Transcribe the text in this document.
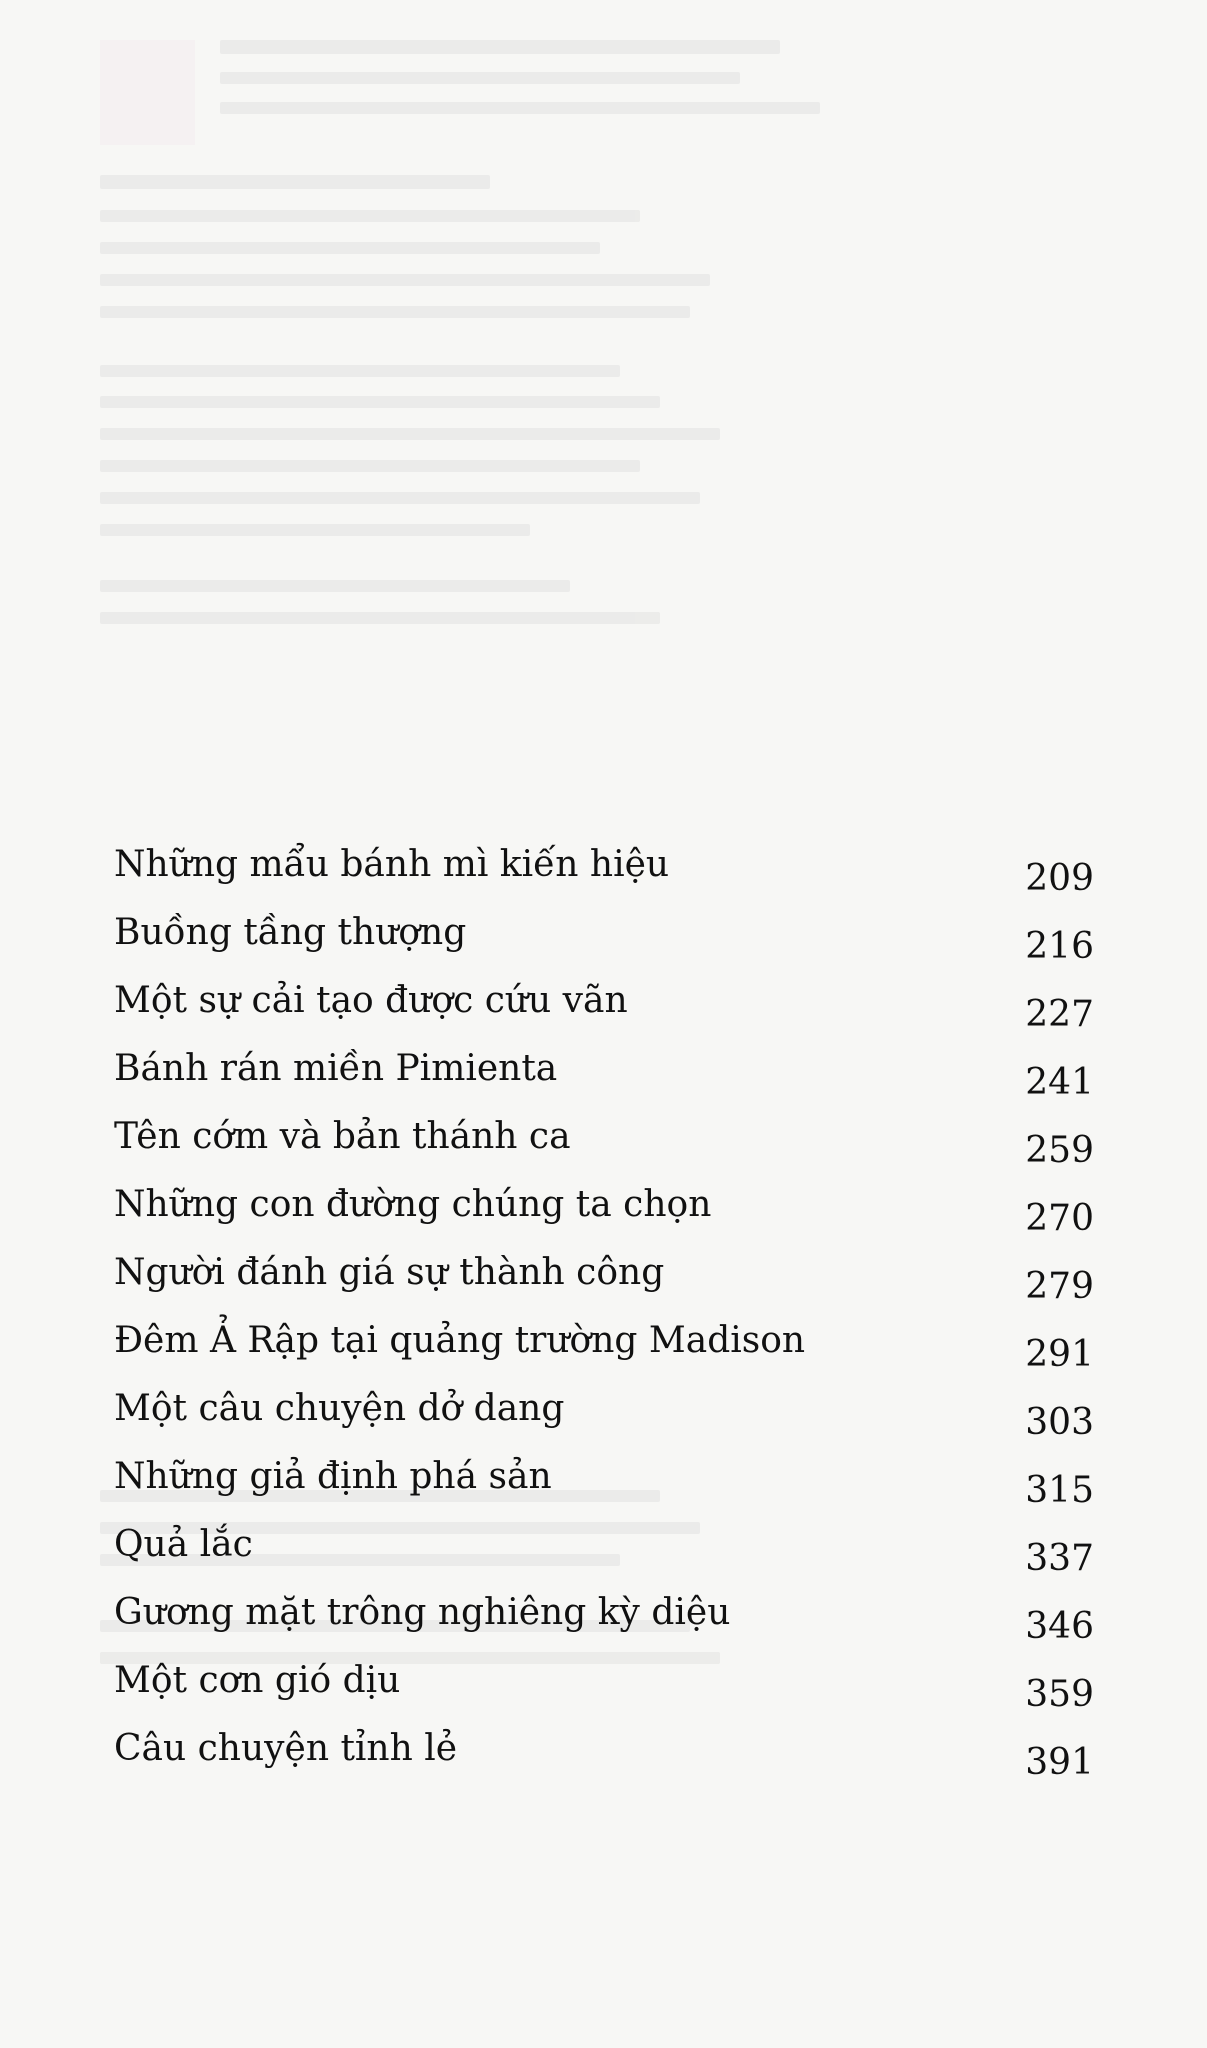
Những mẩu bánh mì kiến hiệu	209
Buồng tầng thượng	216
Một sự cải tạo được cứu vãn	227
Bánh rán miền Pimienta	241
Tên cớm và bản thánh ca	259
Những con đường chúng ta chọn	270
Người đánh giá sự thành công	279
Đêm Ả Rập tại quảng trường Madison	291
Một câu chuyện dở dang	303
Những giả định phá sản	315
Quả lắc	337
Gương mặt trông nghiêng kỳ diệu	346
Một cơn gió dịu	359
Câu chuyện tỉnh lẻ	391
